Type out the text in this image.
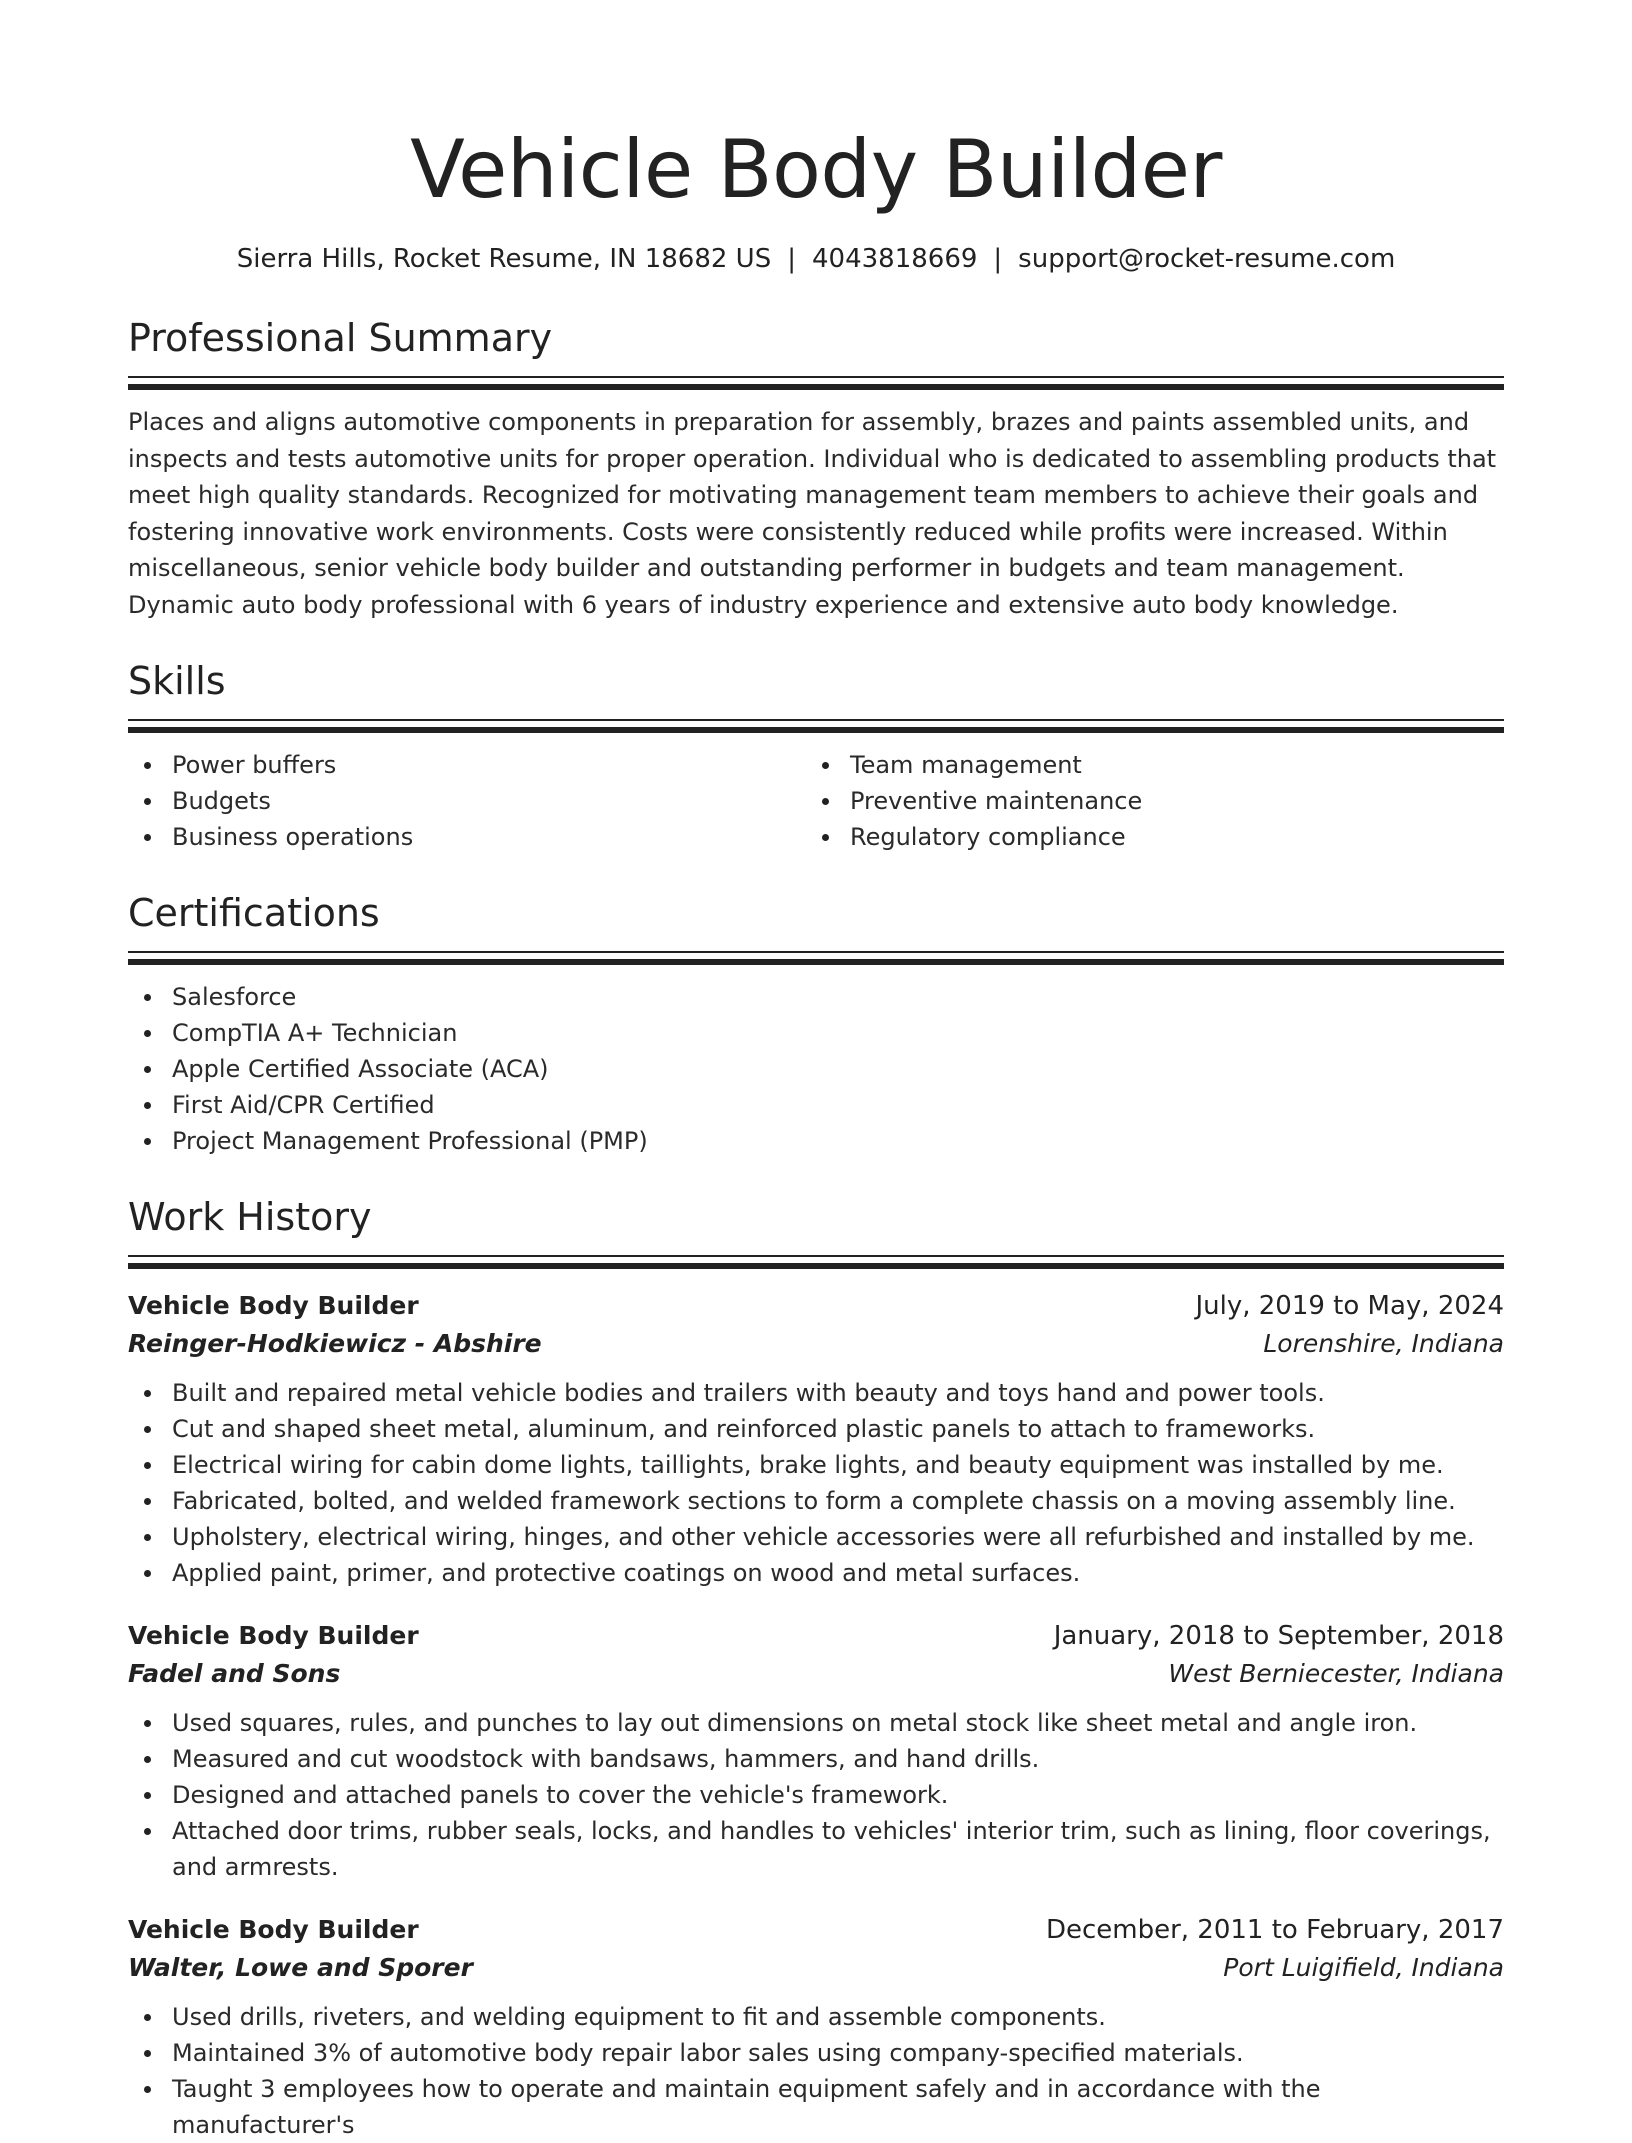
Vehicle Body Builder
Sierra Hills, Rocket Resume, IN 18682 US | 4043818669 | support@rocket-resume.com
Professional Summary

Places and aligns automotive components in preparation for assembly, brazes and paints assembled units, and inspects and tests automotive units for proper operation. Individual who is dedicated to assembling products that meet high quality standards. Recognized for motivating management team members to achieve their goals and fostering innovative work environments. Costs were consistently reduced while profits were increased. Within miscellaneous, senior vehicle body builder and outstanding performer in budgets and team management. Dynamic auto body professional with 6 years of industry experience and extensive auto body knowledge.

Skills
Power buffers
Budgets
Business operations
Team management
Preventive maintenance
Regulatory compliance
Certifications
Salesforce
CompTIA A+ Technician
Apple Certified Associate (ACA)
First Aid/CPR Certified
Project Management Professional (PMP)
Work History
Vehicle Body Builder	July, 2019 to May, 2024
Reinger-Hodkiewicz - Abshire	Lorenshire, Indiana
Built and repaired metal vehicle bodies and trailers with beauty and toys hand and power tools.
Cut and shaped sheet metal, aluminum, and reinforced plastic panels to attach to frameworks.
Electrical wiring for cabin dome lights, taillights, brake lights, and beauty equipment was installed by me.
Fabricated, bolted, and welded framework sections to form a complete chassis on a moving assembly line.
Upholstery, electrical wiring, hinges, and other vehicle accessories were all refurbished and installed by me.
Applied paint, primer, and protective coatings on wood and metal surfaces.
Vehicle Body Builder	January, 2018 to September, 2018
Fadel and Sons	West Berniecester, Indiana
Used squares, rules, and punches to lay out dimensions on metal stock like sheet metal and angle iron.
Measured and cut woodstock with bandsaws, hammers, and hand drills.
Designed and attached panels to cover the vehicle's framework.
Attached door trims, rubber seals, locks, and handles to vehicles' interior trim, such as lining, floor coverings, and armrests.
Vehicle Body Builder	December, 2011 to February, 2017
Walter, Lowe and Sporer	Port Luigifield, Indiana
Used drills, riveters, and welding equipment to fit and assemble components.
Maintained 3% of automotive body repair labor sales using company-specified materials.
Taught 3 employees how to operate and maintain equipment safely and in accordance with the manufacturer's
